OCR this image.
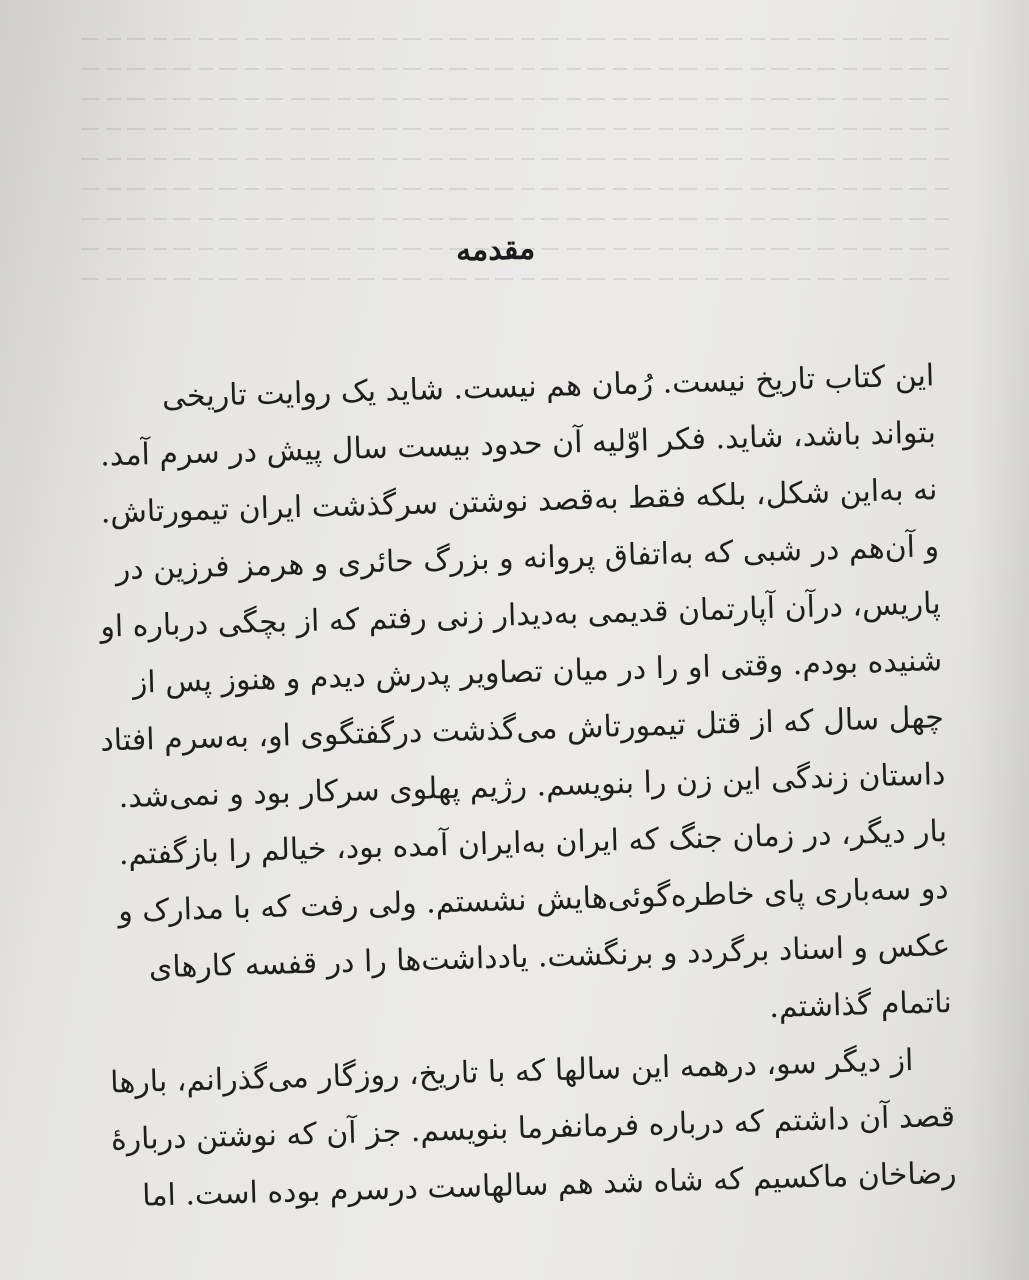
مقدمه

این کتاب تاریخ نیست. رُمان هم نیست. شاید یک روایت تاریخی
بتواند باشد، شاید. فکر اوّلیه آن حدود بیست سال پیش در سرم آمد.
نه به‌این شکل، بلکه فقط به‌قصد نوشتن سرگذشت ایران تیمورتاش.
و آن‌هم در شبی که به‌اتفاق پروانه و بزرگ حائری و هرمز فرزین در
پاریس، درآن آپارتمان قدیمی به‌دیدار زنی رفتم که از بچگی درباره او
شنیده بودم. وقتی او را در میان تصاویر پدرش دیدم و هنوز پس از
چهل سال که از قتل تیمورتاش می‌گذشت درگفتگوی او، به‌سرم افتاد
داستان زندگی این زن را بنویسم. رژیم پهلوی سرکار بود و نمی‌شد.
بار دیگر، در زمان جنگ که ایران به‌ایران آمده بود، خیالم را بازگفتم.
دو سه‌باری پای خاطره‌گوئی‌هایش نشستم. ولی رفت که با مدارک و
عکس و اسناد برگردد و برنگشت. یادداشت‌ها را در قفسه کارهای
ناتمام گذاشتم.

از دیگر سو، درهمه این سالها که با تاریخ، روزگار می‌گذرانم، بارها
قصد آن داشتم که درباره فرمانفرما بنویسم. جز آن که نوشتن دربارهٔ
رضاخان ماکسیم که شاه شد هم سالهاست درسرم بوده است. اما
